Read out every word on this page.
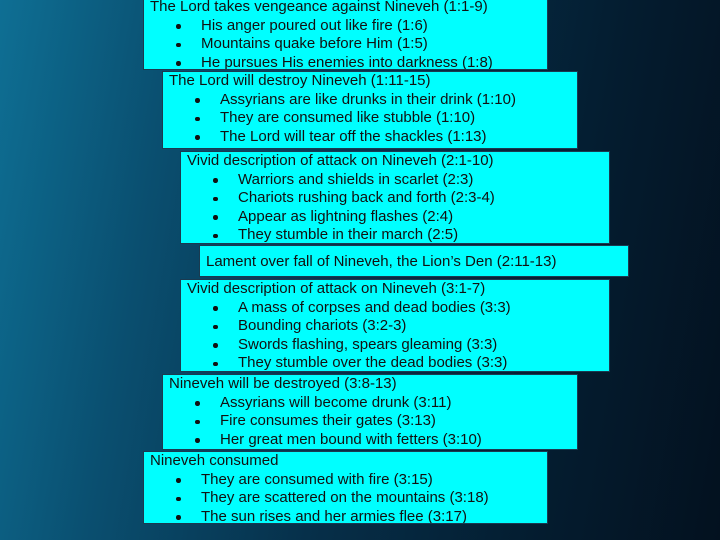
The Lord takes vengeance against Nineveh (1:1-9)
His anger poured out like fire (1:6)
Mountains quake before Him (1:5)
He pursues His enemies into darkness (1:8)
The Lord will destroy Nineveh (1:11-15)
Assyrians are like drunks in their drink (1:10)
They are consumed like stubble (1:10)
The Lord will tear off the shackles (1:13)
Vivid description of attack on Nineveh (2:1-10)
Warriors and shields in scarlet (2:3)
Chariots rushing back and forth (2:3-4)
Appear as lightning flashes (2:4)
They stumble in their march (2:5)
Lament over fall of Nineveh, the Lion’s Den (2:11-13)
Vivid description of attack on Nineveh (3:1-7)
A mass of corpses and dead bodies (3:3)
Bounding chariots (3:2-3)
Swords flashing, spears gleaming (3:3)
They stumble over the dead bodies (3:3)
Nineveh will be destroyed (3:8-13)
Assyrians will become drunk (3:11)
Fire consumes their gates (3:13)
Her great men bound with fetters (3:10)
Nineveh consumed
They are consumed with fire (3:15)
They are scattered on the mountains (3:18)
The sun rises and her armies flee (3:17)
